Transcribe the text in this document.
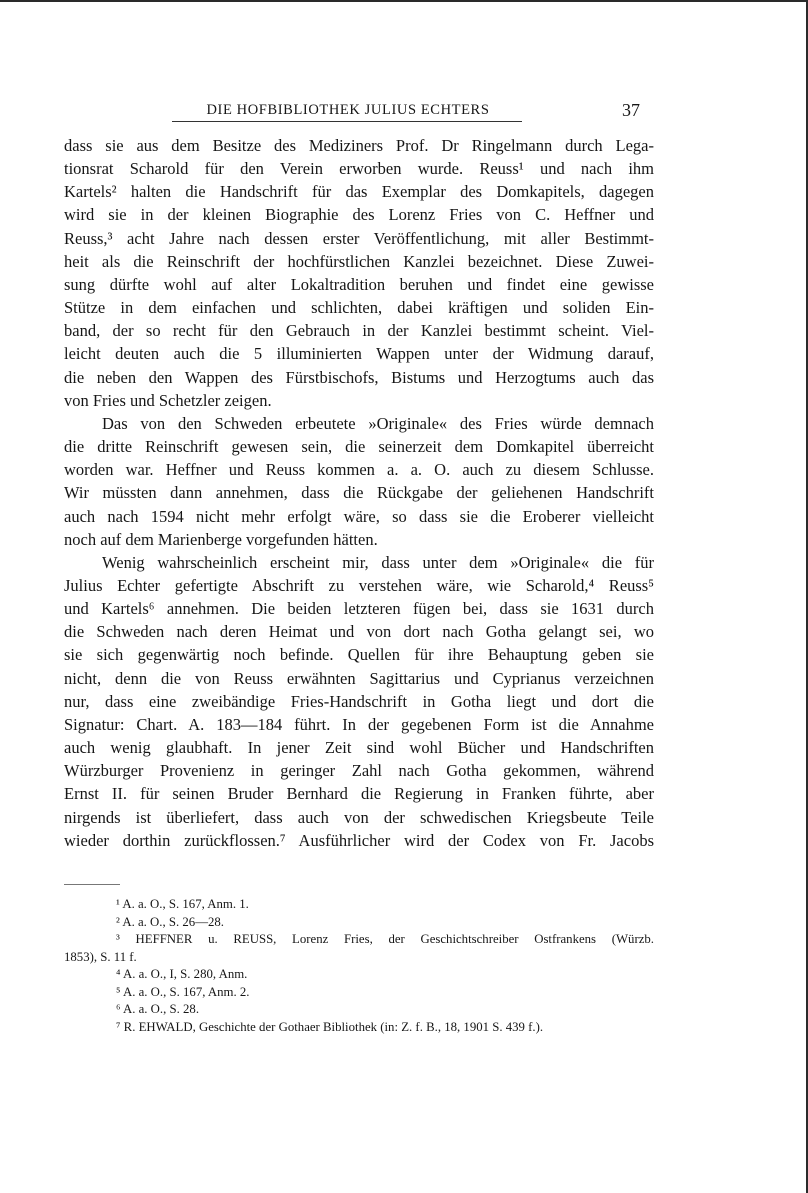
DIE HOFBIBLIOTHEK JULIUS ECHTERS	37
dass sie aus dem Besitze des Mediziners Prof. Dr Ringelmann durch Lega-
tionsrat Scharold für den Verein erworben wurde. Reuss¹ und nach ihm
Kartels² halten die Handschrift für das Exemplar des Domkapitels, dagegen
wird sie in der kleinen Biographie des Lorenz Fries von C. Heffner und
Reuss,³ acht Jahre nach dessen erster Veröffentlichung, mit aller Bestimmt-
heit als die Reinschrift der hochfürstlichen Kanzlei bezeichnet. Diese Zuwei-
sung dürfte wohl auf alter Lokaltradition beruhen und findet eine gewisse
Stütze in dem einfachen und schlichten, dabei kräftigen und soliden Ein-
band, der so recht für den Gebrauch in der Kanzlei bestimmt scheint. Viel-
leicht deuten auch die 5 illuminierten Wappen unter der Widmung darauf,
die neben den Wappen des Fürstbischofs, Bistums und Herzogtums auch das
von Fries und Schetzler zeigen.
Das von den Schweden erbeutete »Originale« des Fries würde demnach
die dritte Reinschrift gewesen sein, die seinerzeit dem Domkapitel überreicht
worden war. Heffner und Reuss kommen a. a. O. auch zu diesem Schlusse.
Wir müssten dann annehmen, dass die Rückgabe der geliehenen Handschrift
auch nach 1594 nicht mehr erfolgt wäre, so dass sie die Eroberer vielleicht
noch auf dem Marienberge vorgefunden hätten.
Wenig wahrscheinlich erscheint mir, dass unter dem »Originale« die für
Julius Echter gefertigte Abschrift zu verstehen wäre, wie Scharold,⁴ Reuss⁵
und Kartels⁶ annehmen. Die beiden letzteren fügen bei, dass sie 1631 durch
die Schweden nach deren Heimat und von dort nach Gotha gelangt sei, wo
sie sich gegenwärtig noch befinde. Quellen für ihre Behauptung geben sie
nicht, denn die von Reuss erwähnten Sagittarius und Cyprianus verzeichnen
nur, dass eine zweibändige Fries-Handschrift in Gotha liegt und dort die
Signatur: Chart. A. 183—184 führt. In der gegebenen Form ist die Annahme
auch wenig glaubhaft. In jener Zeit sind wohl Bücher und Handschriften
Würzburger Provenienz in geringer Zahl nach Gotha gekommen, während
Ernst II. für seinen Bruder Bernhard die Regierung in Franken führte, aber
nirgends ist überliefert, dass auch von der schwedischen Kriegsbeute Teile
wieder dorthin zurückflossen.⁷ Ausführlicher wird der Codex von Fr. Jacobs
¹ A. a. O., S. 167, Anm. 1.
² A. a. O., S. 26—28.
³ HEFFNER u. REUSS, Lorenz Fries, der Geschichtschreiber Ostfrankens (Würzb.
1853), S. 11 f.
⁴ A. a. O., I, S. 280, Anm.
⁵ A. a. O., S. 167, Anm. 2.
⁶ A. a. O., S. 28.
⁷ R. EHWALD, Geschichte der Gothaer Bibliothek (in: Z. f. B., 18, 1901 S. 439 f.).
